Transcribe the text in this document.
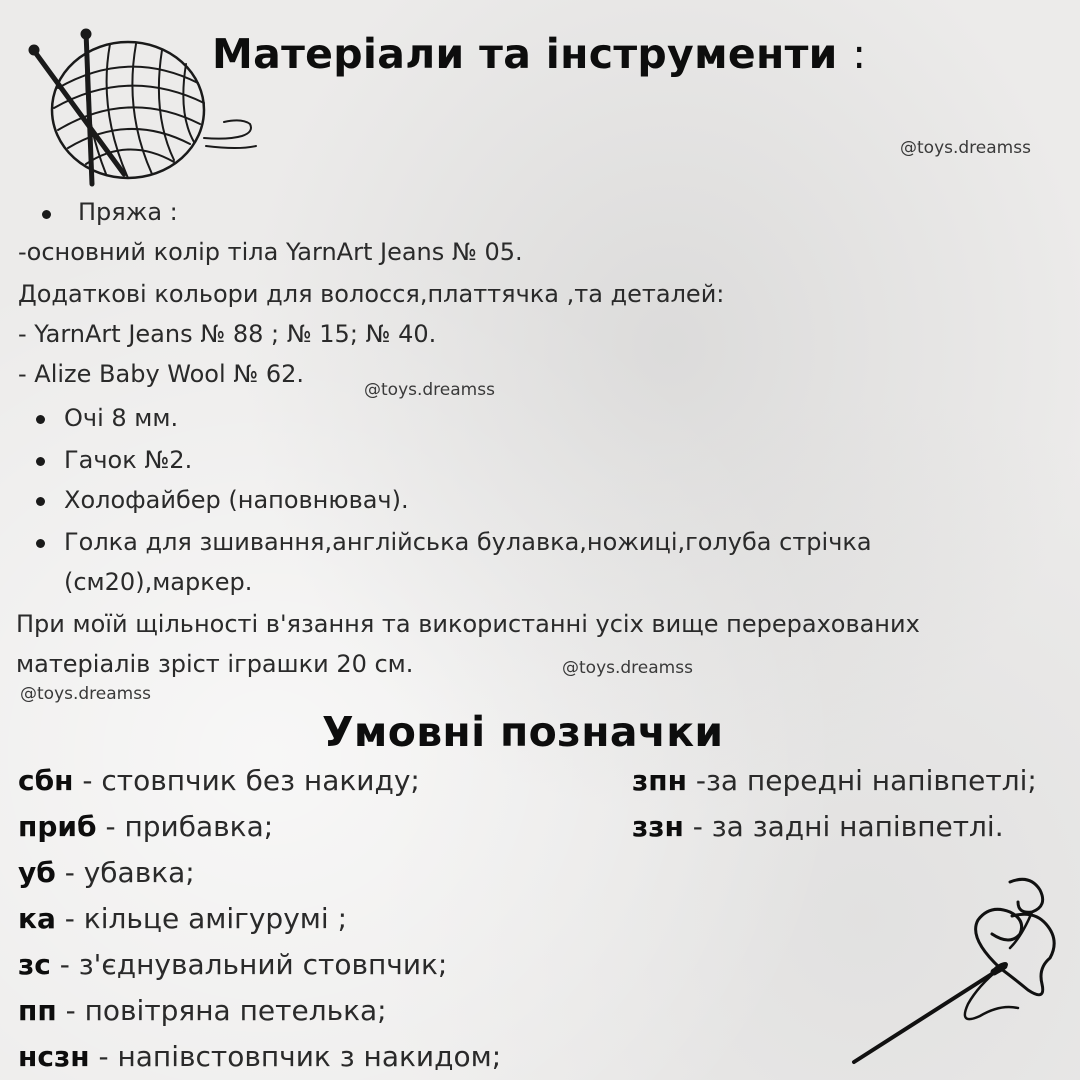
Матеріали та інструменти :
@toys.dreamss
@toys.dreamss
@toys.dreamss
@toys.dreamss
Пряжа :
-основний колір тіла YarnArt Jeans № 05.
Додаткові кольори для волосся,платтячка ,та деталей:
- YarnArt Jeans № 88 ; № 15; № 40.
- Alize Baby Wool № 62.
Очі 8 мм.
Гачок №2.
Холофайбер (наповнювач).
Голка для зшивання,англійська булавка,ножиці,голуба стрічка
(см20),маркер.
При моїй щільності в'язання та використанні усіх вище перерахованих
матеріалів зріст іграшки 20 см.
Умовні позначки
сбн - стовпчик без накиду;
приб - прибавка;
уб - убавка;
ка - кільце амігурумі ;
зс - з'єднувальний стовпчик;
пп - повітряна петелька;
нсзн - напівстовпчик з накидом;
зпн -за передні напівпетлі;
ззн - за задні напівпетлі.
